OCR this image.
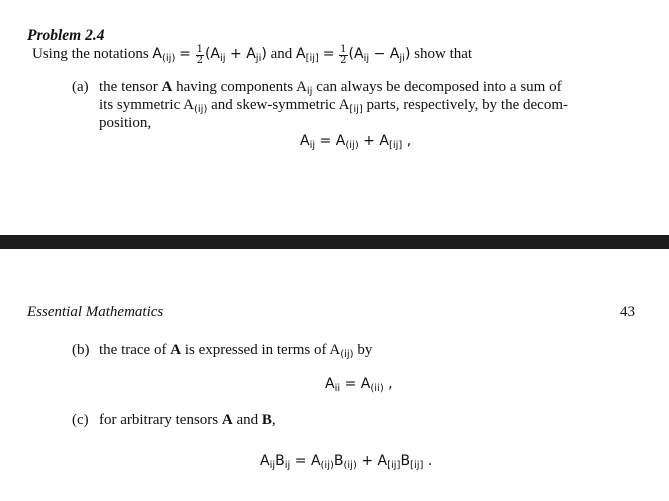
Problem 2.4
Using the notations $A_{(ij)} = \frac{1}{2} (A_{ij} + A_{ji})$ and $A_{[ij]} = \frac{1}{2} (A_{ij} - A_{ji})$ show that
(a) the tensor A having components $A_{ij}$ can always be decomposed into a sum of
its symmetric $A_{(ij)}$ and skew-symmetric $A_{[ij]}$ parts, respectively, by the decom-
position,
$A_{ij} = A_{(ij)} + A_{[ij]}$ ,
Essential Mathematics	43
(b) the trace of A is expressed in terms of $A_{(ij)}$ by
$A_{ii} = A_{(ii)}$ ,
(c) for arbitrary tensors A and B,
$A_{ij}B_{ij} = A_{(ij)}B_{(ij)} + A_{[ij]}B_{[ij]}$ .
